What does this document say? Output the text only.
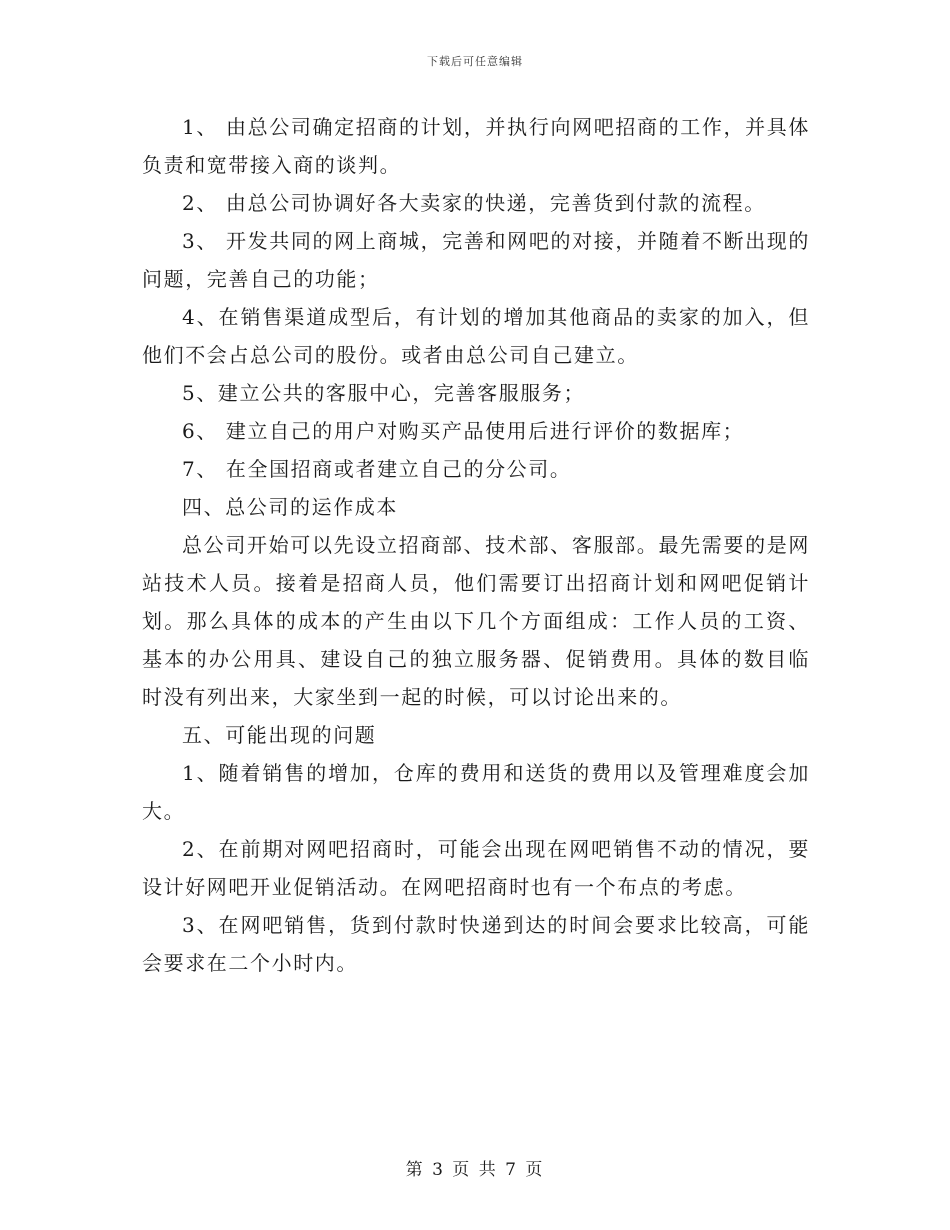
下载后可任意编辑

1、 由总公司确定招商的计划，并执行向网吧招商的工作，并具体负责和宽带接入商的谈判。

2、 由总公司协调好各大卖家的快递，完善货到付款的流程。

3、 开发共同的网上商城，完善和网吧的对接，并随着不断出现的问题，完善自己的功能；

4、在销售渠道成型后，有计划的增加其他商品的卖家的加入，但他们不会占总公司的股份。或者由总公司自己建立。

5、建立公共的客服中心，完善客服服务；

6、 建立自己的用户对购买产品使用后进行评价的数据库；

7、 在全国招商或者建立自己的分公司。

四、总公司的运作成本

总公司开始可以先设立招商部、技术部、客服部。最先需要的是网站技术人员。接着是招商人员，他们需要订出招商计划和网吧促销计划。那么具体的成本的产生由以下几个方面组成：工作人员的工资、基本的办公用具、建设自己的独立服务器、促销费用。具体的数目临时没有列出来，大家坐到一起的时候，可以讨论出来的。

五、可能出现的问题

1、随着销售的增加，仓库的费用和送货的费用以及管理难度会加大。

2、在前期对网吧招商时，可能会出现在网吧销售不动的情况，要设计好网吧开业促销活动。在网吧招商时也有一个布点的考虑。

3、在网吧销售，货到付款时快递到达的时间会要求比较高，可能会要求在二个小时内。

第 3 页 共 7 页
